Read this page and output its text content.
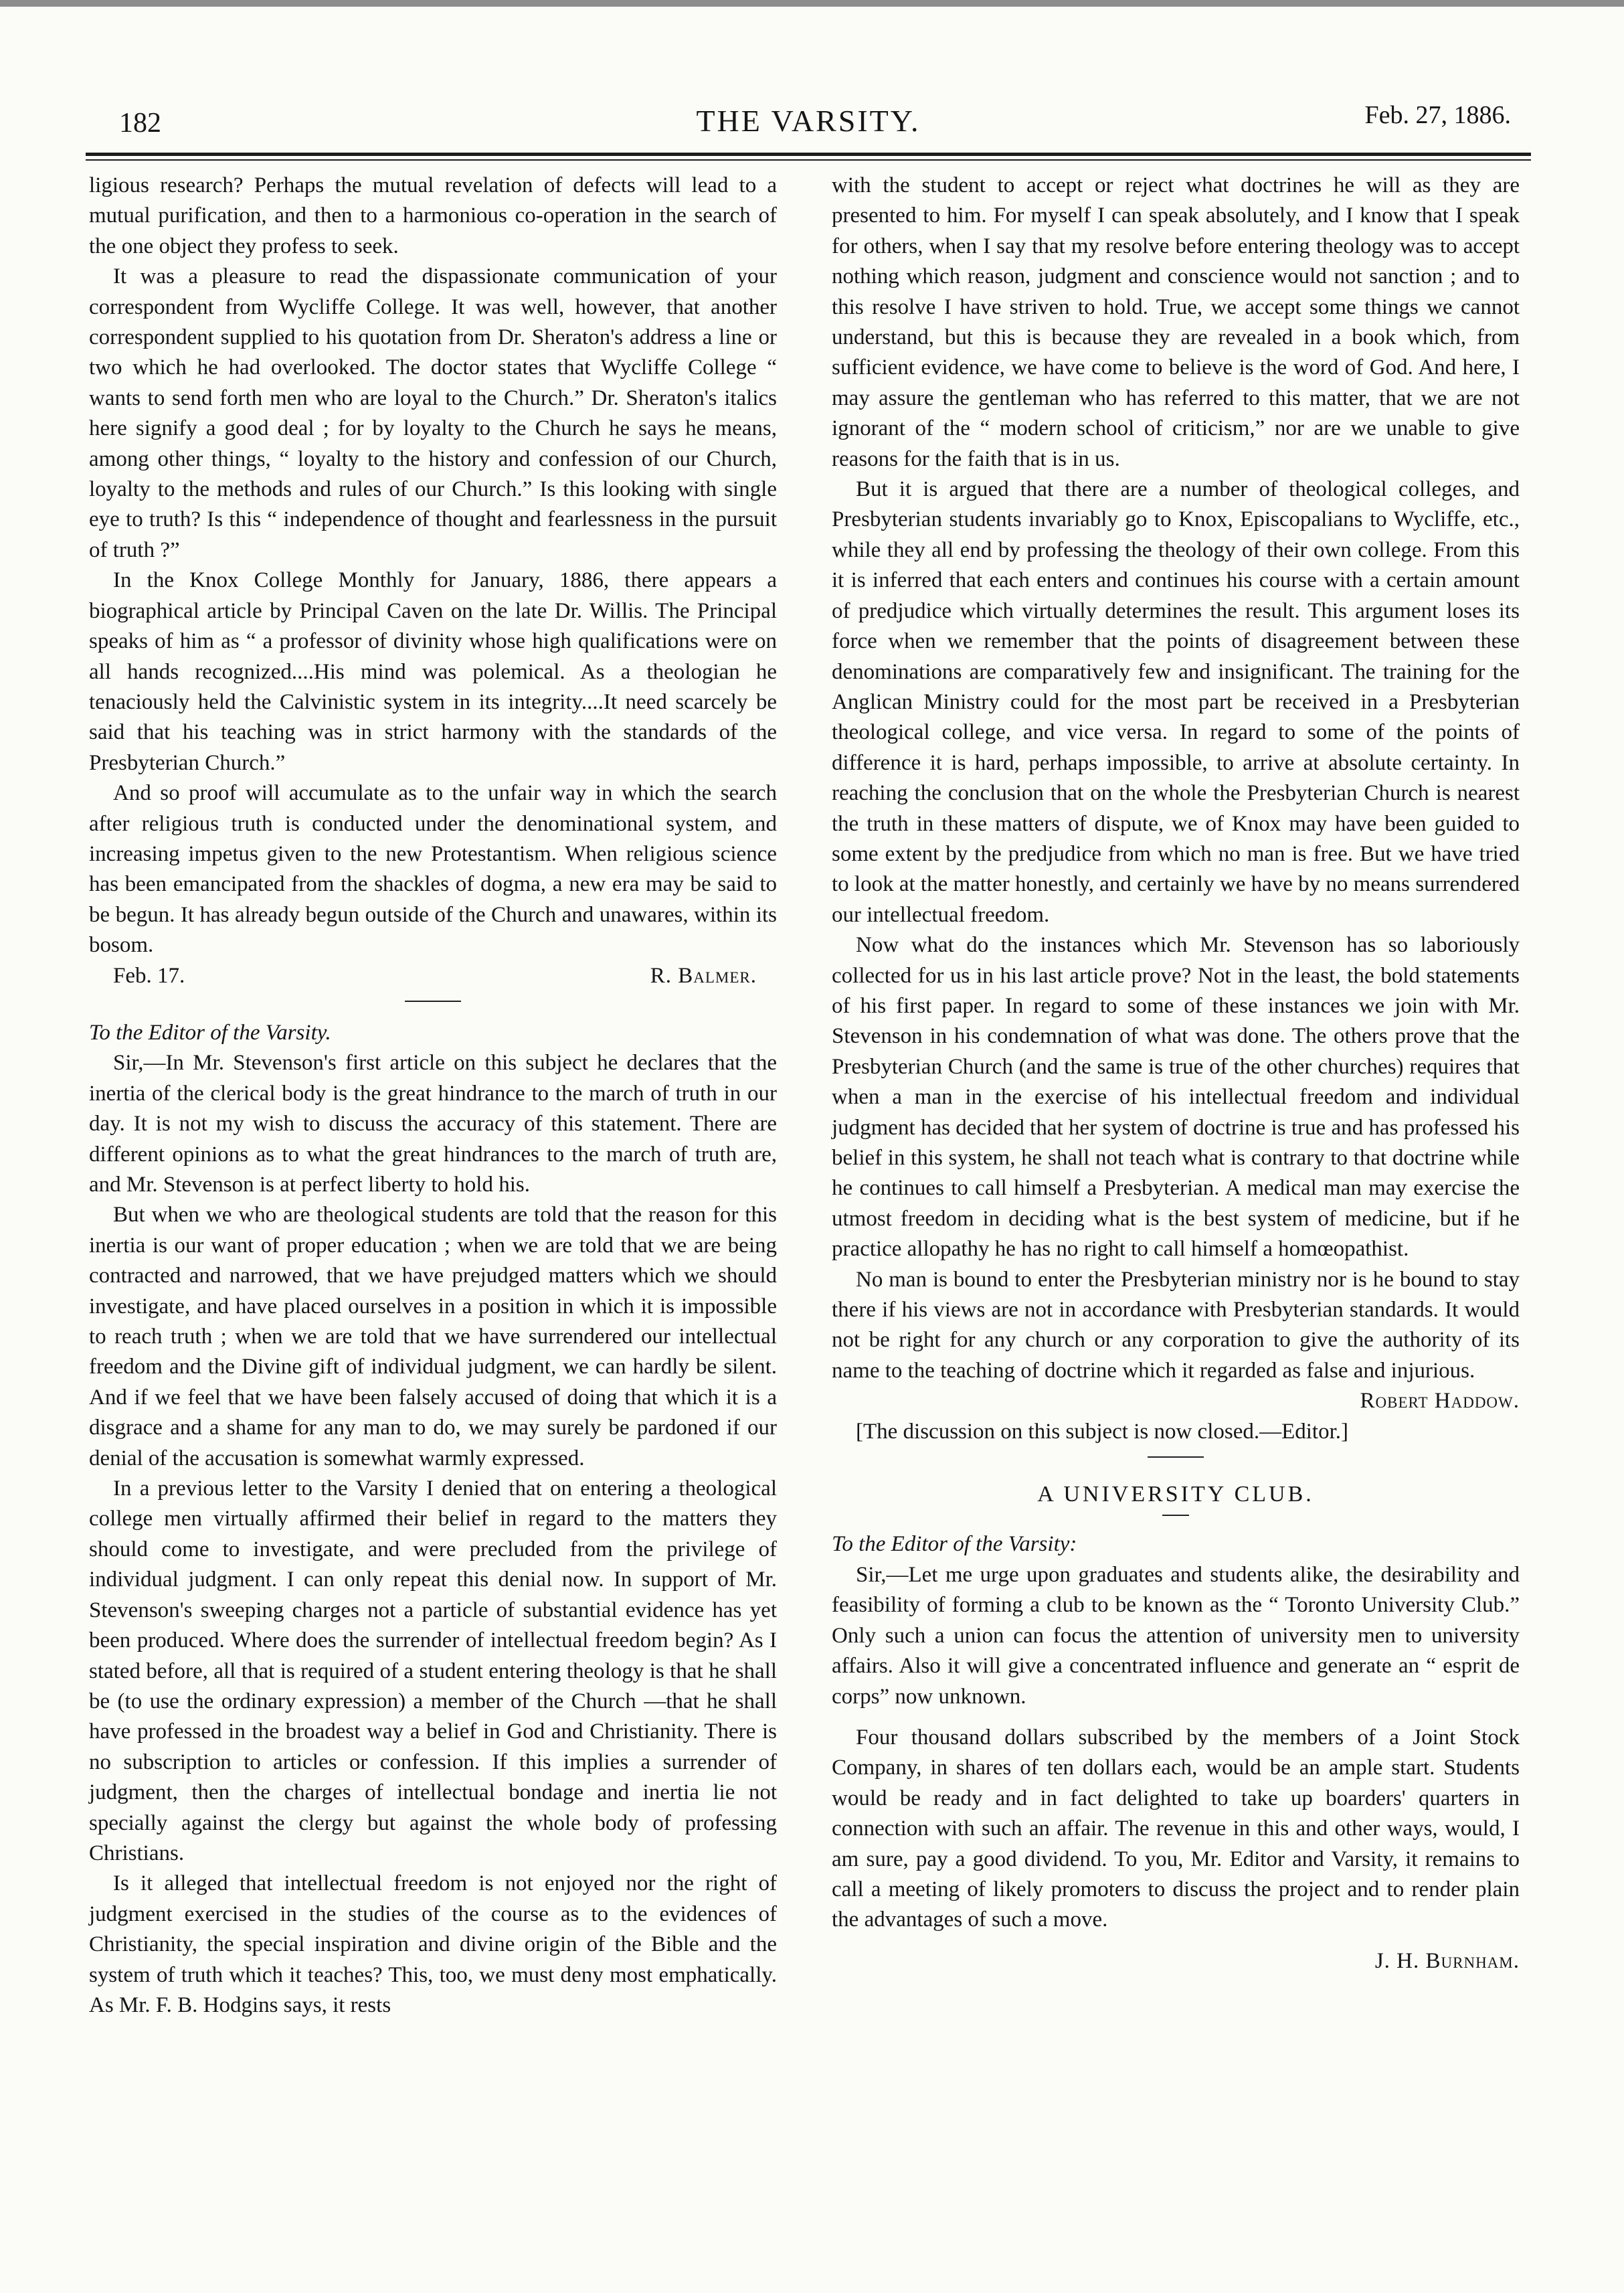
182	THE VARSITY.	Feb. 27, 1886.

ligious research? Perhaps the mutual revelation of defects will lead to a mutual purification, and then to a harmonious co-operation in the search of the one object they profess to seek.

It was a pleasure to read the dispassionate communication of your correspondent from Wycliffe College. It was well, however, that another correspondent supplied to his quotation from Dr. Sheraton's address a line or two which he had overlooked. The doctor states that Wycliffe College “ wants to send forth men who are loyal to the Church.” Dr. Sheraton's italics here signify a good deal ; for by loyalty to the Church he says he means, among other things, “ loyalty to the history and confession of our Church, loyalty to the methods and rules of our Church.” Is this looking with single eye to truth? Is this “ independence of thought and fearlessness in the pursuit of truth ?”

In the Knox College Monthly for January, 1886, there appears a biographical article by Principal Caven on the late Dr. Willis. The Principal speaks of him as “ a professor of divinity whose high qualifications were on all hands recognized....His mind was polemical. As a theologian he tenaciously held the Calvinistic system in its integrity....It need scarcely be said that his teaching was in strict harmony with the standards of the Presbyterian Church.”

And so proof will accumulate as to the unfair way in which the search after religious truth is conducted under the denominational system, and increasing impetus given to the new Protestantism. When religious science has been emancipated from the shackles of dogma, a new era may be said to be begun. It has already begun outside of the Church and unawares, within its bosom.

Feb. 17.	R. Balmer.

To the Editor of the Varsity.

Sir,—In Mr. Stevenson's first article on this subject he declares that the inertia of the clerical body is the great hindrance to the march of truth in our day. It is not my wish to discuss the accuracy of this statement. There are different opinions as to what the great hindrances to the march of truth are, and Mr. Stevenson is at perfect liberty to hold his.

But when we who are theological students are told that the reason for this inertia is our want of proper education ; when we are told that we are being contracted and narrowed, that we have prejudged matters which we should investigate, and have placed ourselves in a position in which it is impossible to reach truth ; when we are told that we have surrendered our intellectual freedom and the Divine gift of individual judgment, we can hardly be silent. And if we feel that we have been falsely accused of doing that which it is a disgrace and a shame for any man to do, we may surely be pardoned if our denial of the accusation is somewhat warmly expressed.

In a previous letter to the Varsity I denied that on entering a theological college men virtually affirmed their belief in regard to the matters they should come to investigate, and were precluded from the privilege of individual judgment. I can only repeat this denial now. In support of Mr. Stevenson's sweeping charges not a particle of substantial evidence has yet been produced. Where does the surrender of intellectual freedom begin? As I stated before, all that is required of a student entering theology is that he shall be (to use the ordinary expression) a member of the Church —that he shall have professed in the broadest way a belief in God and Christianity. There is no subscription to articles or confession. If this implies a surrender of judgment, then the charges of intellectual bondage and inertia lie not specially against the clergy but against the whole body of professing Christians.

Is it alleged that intellectual freedom is not enjoyed nor the right of judgment exercised in the studies of the course as to the evidences of Christianity, the special inspiration and divine origin of the Bible and the system of truth which it teaches? This, too, we must deny most emphatically. As Mr. F. B. Hodgins says, it rests

with the student to accept or reject what doctrines he will as they are presented to him. For myself I can speak absolutely, and I know that I speak for others, when I say that my resolve before entering theology was to accept nothing which reason, judgment and conscience would not sanction ; and to this resolve I have striven to hold. True, we accept some things we cannot understand, but this is because they are revealed in a book which, from sufficient evidence, we have come to believe is the word of God. And here, I may assure the gentleman who has referred to this matter, that we are not ignorant of the “ modern school of criticism,” nor are we unable to give reasons for the faith that is in us.

But it is argued that there are a number of theological colleges, and Presbyterian students invariably go to Knox, Episcopalians to Wycliffe, etc., while they all end by professing the theology of their own college. From this it is inferred that each enters and continues his course with a certain amount of predjudice which virtually determines the result. This argument loses its force when we remember that the points of disagreement between these denominations are comparatively few and insignificant. The training for the Anglican Ministry could for the most part be received in a Presbyterian theological college, and vice versa. In regard to some of the points of difference it is hard, perhaps impossible, to arrive at absolute certainty. In reaching the conclusion that on the whole the Presbyterian Church is nearest the truth in these matters of dispute, we of Knox may have been guided to some extent by the predjudice from which no man is free. But we have tried to look at the matter honestly, and certainly we have by no means surrendered our intellectual freedom.

Now what do the instances which Mr. Stevenson has so laboriously collected for us in his last article prove? Not in the least, the bold statements of his first paper. In regard to some of these instances we join with Mr. Stevenson in his condemnation of what was done. The others prove that the Presbyterian Church (and the same is true of the other churches) requires that when a man in the exercise of his intellectual freedom and individual judgment has decided that her system of doctrine is true and has professed his belief in this system, he shall not teach what is contrary to that doctrine while he continues to call himself a Presbyterian. A medical man may exercise the utmost freedom in deciding what is the best system of medicine, but if he practice allopathy he has no right to call himself a homœopathist.

No man is bound to enter the Presbyterian ministry nor is he bound to stay there if his views are not in accordance with Presbyterian standards. It would not be right for any church or any corporation to give the authority of its name to the teaching of doctrine which it regarded as false and injurious.

Robert Haddow.

[The discussion on this subject is now closed.—Editor.]

A UNIVERSITY CLUB.

To the Editor of the Varsity:

Sir,—Let me urge upon graduates and students alike, the desirability and feasibility of forming a club to be known as the “ Toronto University Club.” Only such a union can focus the attention of university men to university affairs. Also it will give a concentrated influence and generate an “ esprit de corps” now unknown.

Four thousand dollars subscribed by the members of a Joint Stock Company, in shares of ten dollars each, would be an ample start. Students would be ready and in fact delighted to take up boarders' quarters in connection with such an affair. The revenue in this and other ways, would, I am sure, pay a good dividend. To you, Mr. Editor and Varsity, it remains to call a meeting of likely promoters to discuss the project and to render plain the advantages of such a move.

J. H. Burnham.
